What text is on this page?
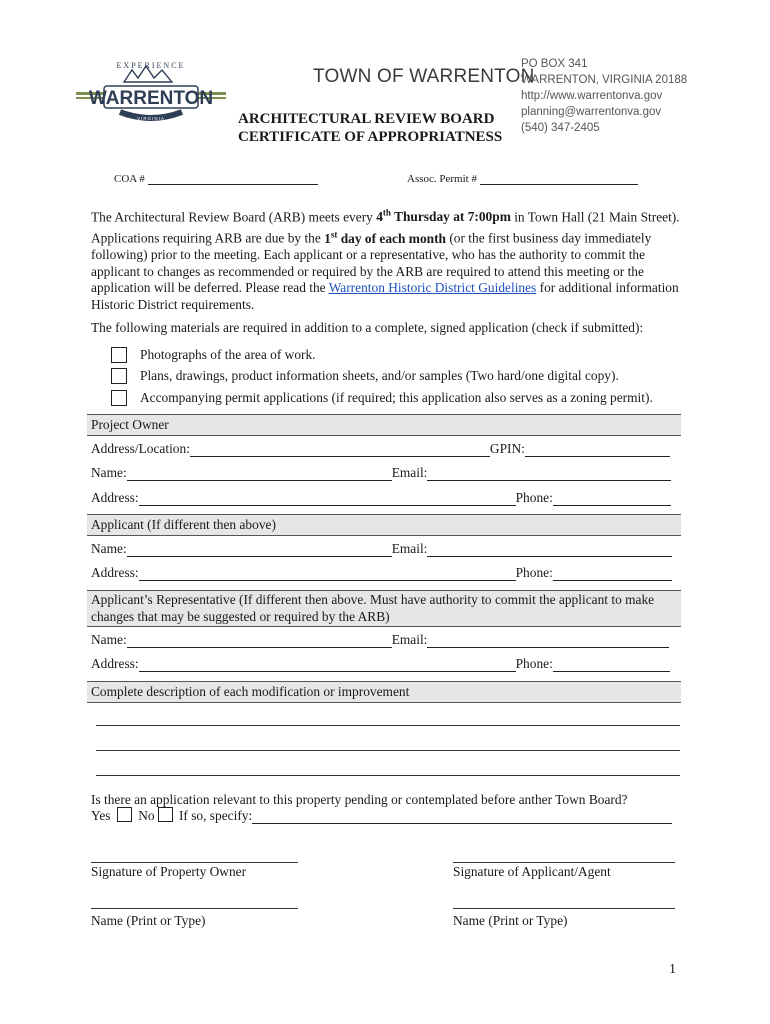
EXPERIENCE
WARRENTON
VIRGINIA
TOWN OF WARRENTON
PO BOX 341
WARRENTON, VIRGINIA 20188
http://www.warrentonva.gov
planning@warrentonva.gov
(540) 347-2405
ARCHITECTURAL REVIEW BOARD
CERTIFICATE OF APPROPRIATNESS
COA #	Assoc. Permit #
The Architectural Review Board (ARB) meets every 4th Thursday at 7:00pm in Town Hall (21 Main Street). Applications requiring ARB are due by the 1st day of each month (or the first business day immediately following) prior to the meeting. Each applicant or a representative, who has the authority to commit the applicant to changes as recommended or required by the ARB are required to attend this meeting or the application will be deferred. Please read the Warrenton Historic District Guidelines for additional information Historic District requirements.
The following materials are required in addition to a complete, signed application (check if submitted):
Photographs of the area of work.
Plans, drawings, product information sheets, and/or samples (Two hard/one digital copy).
Accompanying permit applications (if required; this application also serves as a zoning permit).
Project Owner
Address/Location:	GPIN:
Name:	Email:
Address:	Phone:
Applicant (If different then above)
Name:	Email:
Address:	Phone:
Applicant’s Representative (If different then above. Must have authority to commit the applicant to make changes that may be suggested or required by the ARB)
Name:	Email:
Address:	Phone:
Complete description of each modification or improvement
Is there an application relevant to this property pending or contemplated before anther Town Board?
Yes No If so, specify:
Signature of Property Owner	Signature of Applicant/Agent
Name (Print or Type)	Name (Print or Type)
1
